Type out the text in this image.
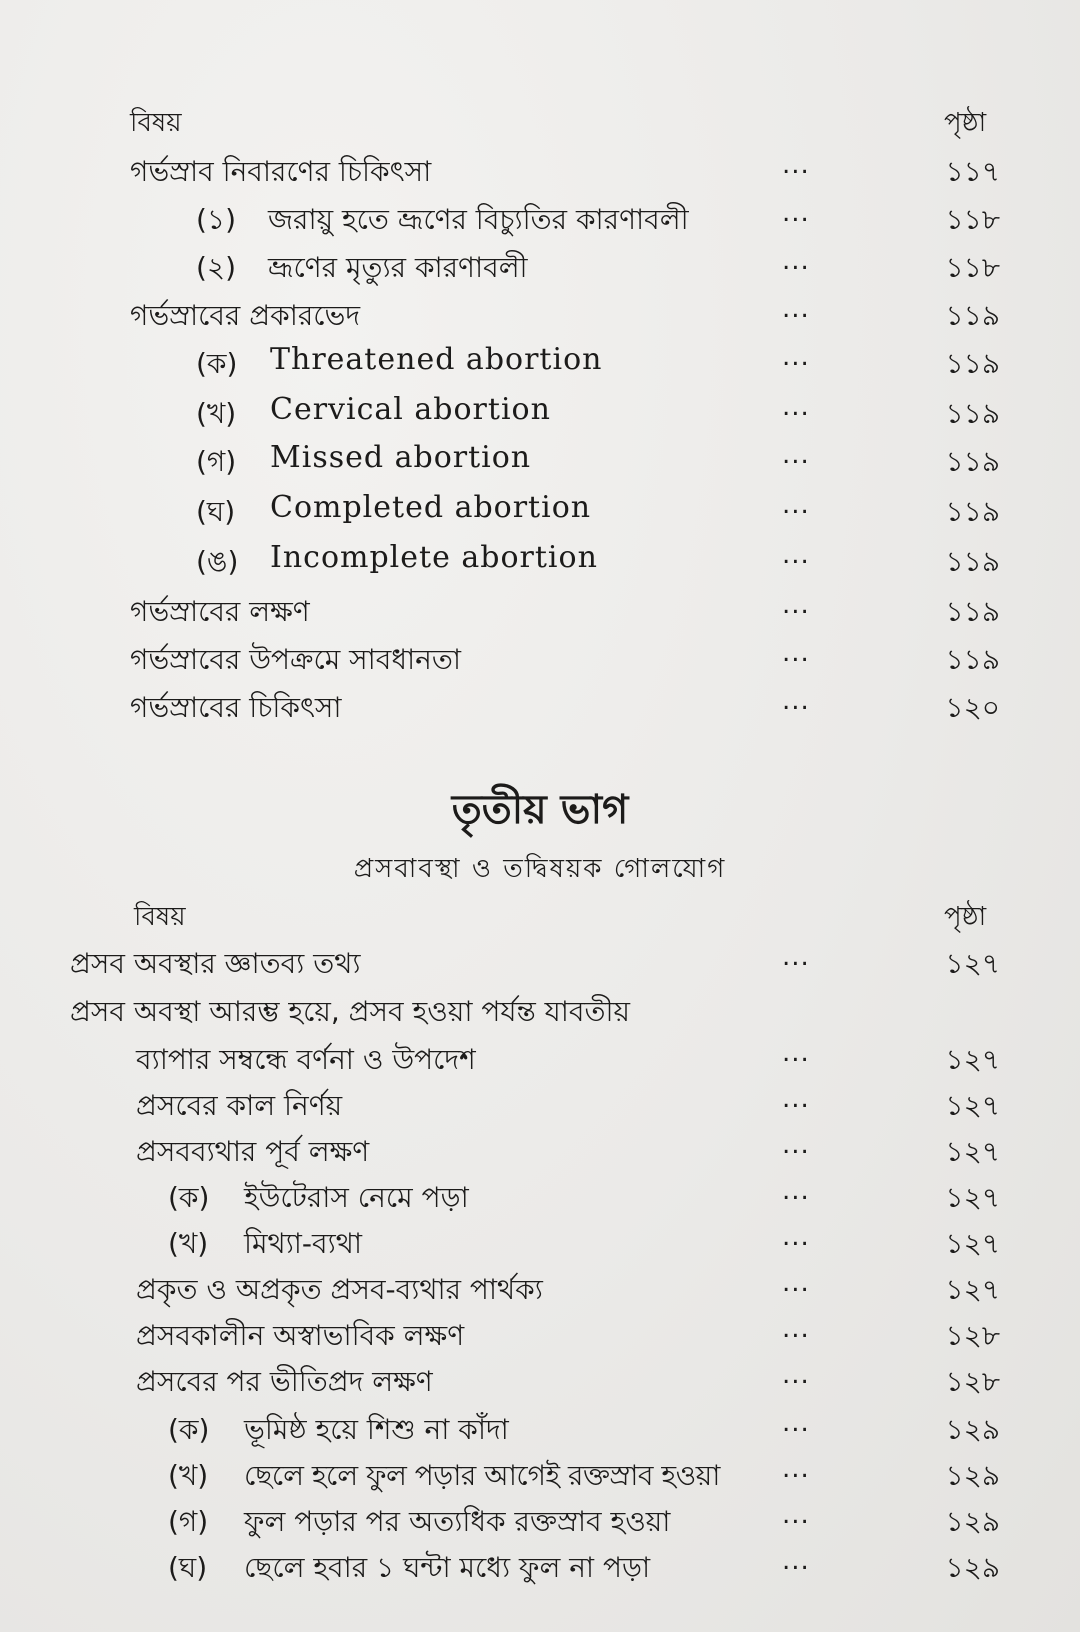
বিষয়	পৃষ্ঠা
গর্ভস্রাব নিবারণের চিকিৎসা	...	১১৭
(১) জরায়ু হতে ভ্রূণের বিচ্যুতির কারণাবলী	...	১১৮
(২) ভ্রূণের মৃত্যুর কারণাবলী	...	১১৮
গর্ভস্রাবের প্রকারভেদ	...	১১৯
(ক) Threatened abortion	...	১১৯
(খ) Cervical abortion	...	১১৯
(গ) Missed abortion	...	১১৯
(ঘ) Completed abortion	...	১১৯
(ঙ) Incomplete abortion	...	১১৯
গর্ভস্রাবের লক্ষণ	...	১১৯
গর্ভস্রাবের উপক্রমে সাবধানতা	...	১১৯
গর্ভস্রাবের চিকিৎসা	...	১২০
তৃতীয় ভাগ
প্রসবাবস্থা ও তদ্বিষয়ক গোলযোগ
বিষয়	পৃষ্ঠা
প্রসব অবস্থার জ্ঞাতব্য তথ্য	...	১২৭
প্রসব অবস্থা আরম্ভ হয়ে, প্রসব হওয়া পর্যন্ত যাবতীয়
ব্যাপার সম্বন্ধে বর্ণনা ও উপদেশ	...	১২৭
প্রসবের কাল নির্ণয়	...	১২৭
প্রসবব্যথার পূর্ব লক্ষণ	...	১২৭
(ক) ইউটেরাস নেমে পড়া	...	১২৭
(খ) মিথ্যা-ব্যথা	...	১২৭
প্রকৃত ও অপ্রকৃত প্রসব-ব্যথার পার্থক্য	...	১২৭
প্রসবকালীন অস্বাভাবিক লক্ষণ	...	১২৮
প্রসবের পর ভীতিপ্রদ লক্ষণ	...	১২৮
(ক) ভূমিষ্ঠ হয়ে শিশু না কাঁদা	...	১২৯
(খ) ছেলে হলে ফুল পড়ার আগেই রক্তস্রাব হওয়া ...	১২৯
(গ) ফুল পড়ার পর অত্যধিক রক্তস্রাব হওয়া	...	১২৯
(ঘ) ছেলে হবার ১ ঘন্টা মধ্যে ফুল না পড়া	...	১২৯
